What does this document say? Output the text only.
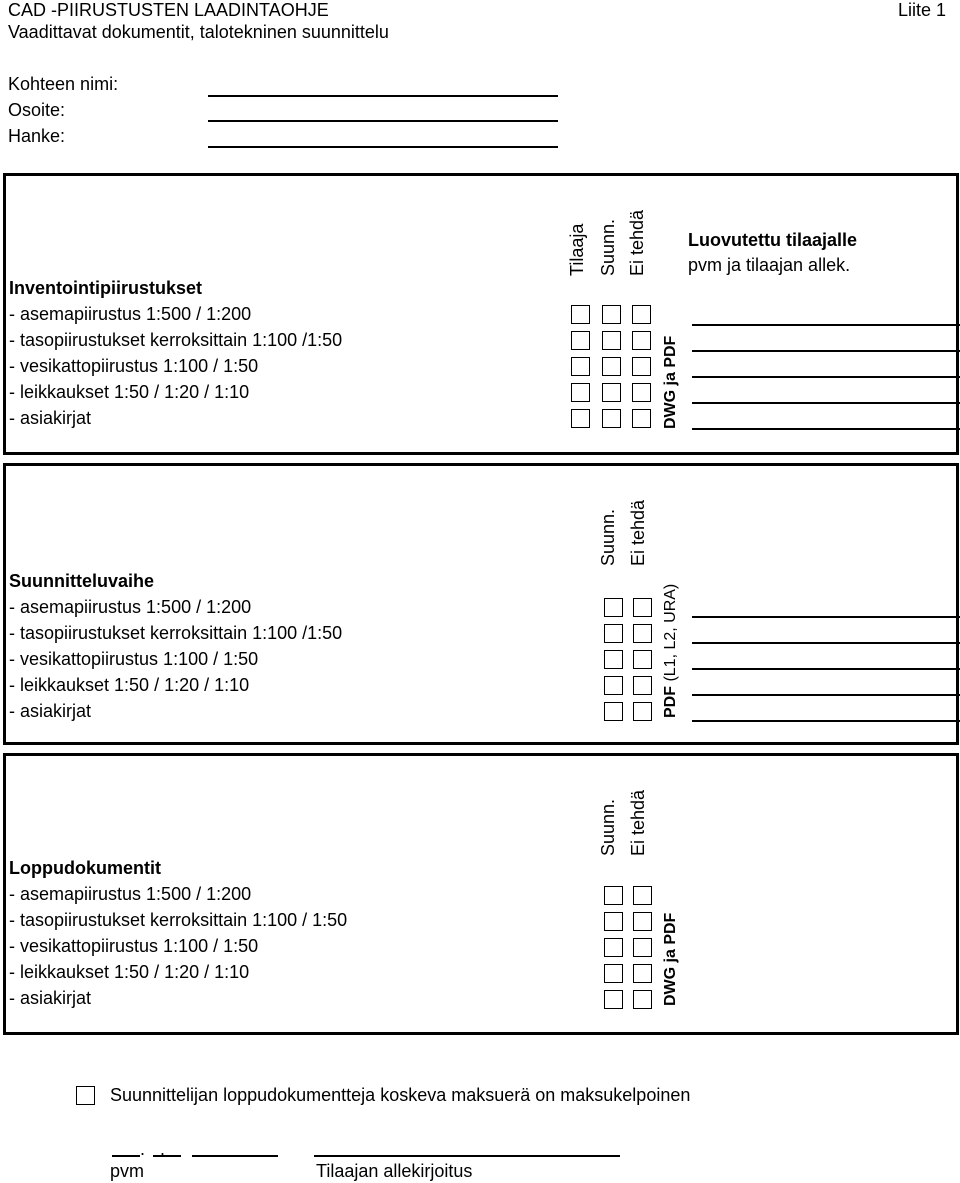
CAD -PIIRUSTUSTEN LAADINTAOHJE
Vaadittavat dokumentit, talotekninen suunnittelu
Liite 1
Kohteen nimi:
Osoite:
Hanke:
Tilaaja Suunn. Ei tehdä Luovutettu tilaajalle
pvm ja tilaajan allek.
Inventointipiirustukset
- asemapiirustus 1:500 / 1:200
- tasopiirustukset kerroksittain 1:100 /1:50
- vesikattopiirustus 1:100 / 1:50
- leikkaukset 1:50 / 1:20 / 1:10
- asiakirjat	DWG ja PDF
Suunn. Ei tehdä
Suunnitteluvaihe
- asemapiirustus 1:500 / 1:200
- tasopiirustukset kerroksittain 1:100 /1:50
- vesikattopiirustus 1:100 / 1:50
- leikkaukset 1:50 / 1:20 / 1:10
- asiakirjat	PDF (L1, L2, URA)
Suunn. Ei tehdä
Loppudokumentit
- asemapiirustus 1:500 / 1:200
- tasopiirustukset kerroksittain 1:100 / 1:50
- vesikattopiirustus 1:100 / 1:50
- leikkaukset 1:50 / 1:20 / 1:10
- asiakirjat	DWG ja PDF
Suunnittelijan loppudokumentteja koskeva maksuerä on maksukelpoinen
.   .
pvm	Tilaajan allekirjoitus
